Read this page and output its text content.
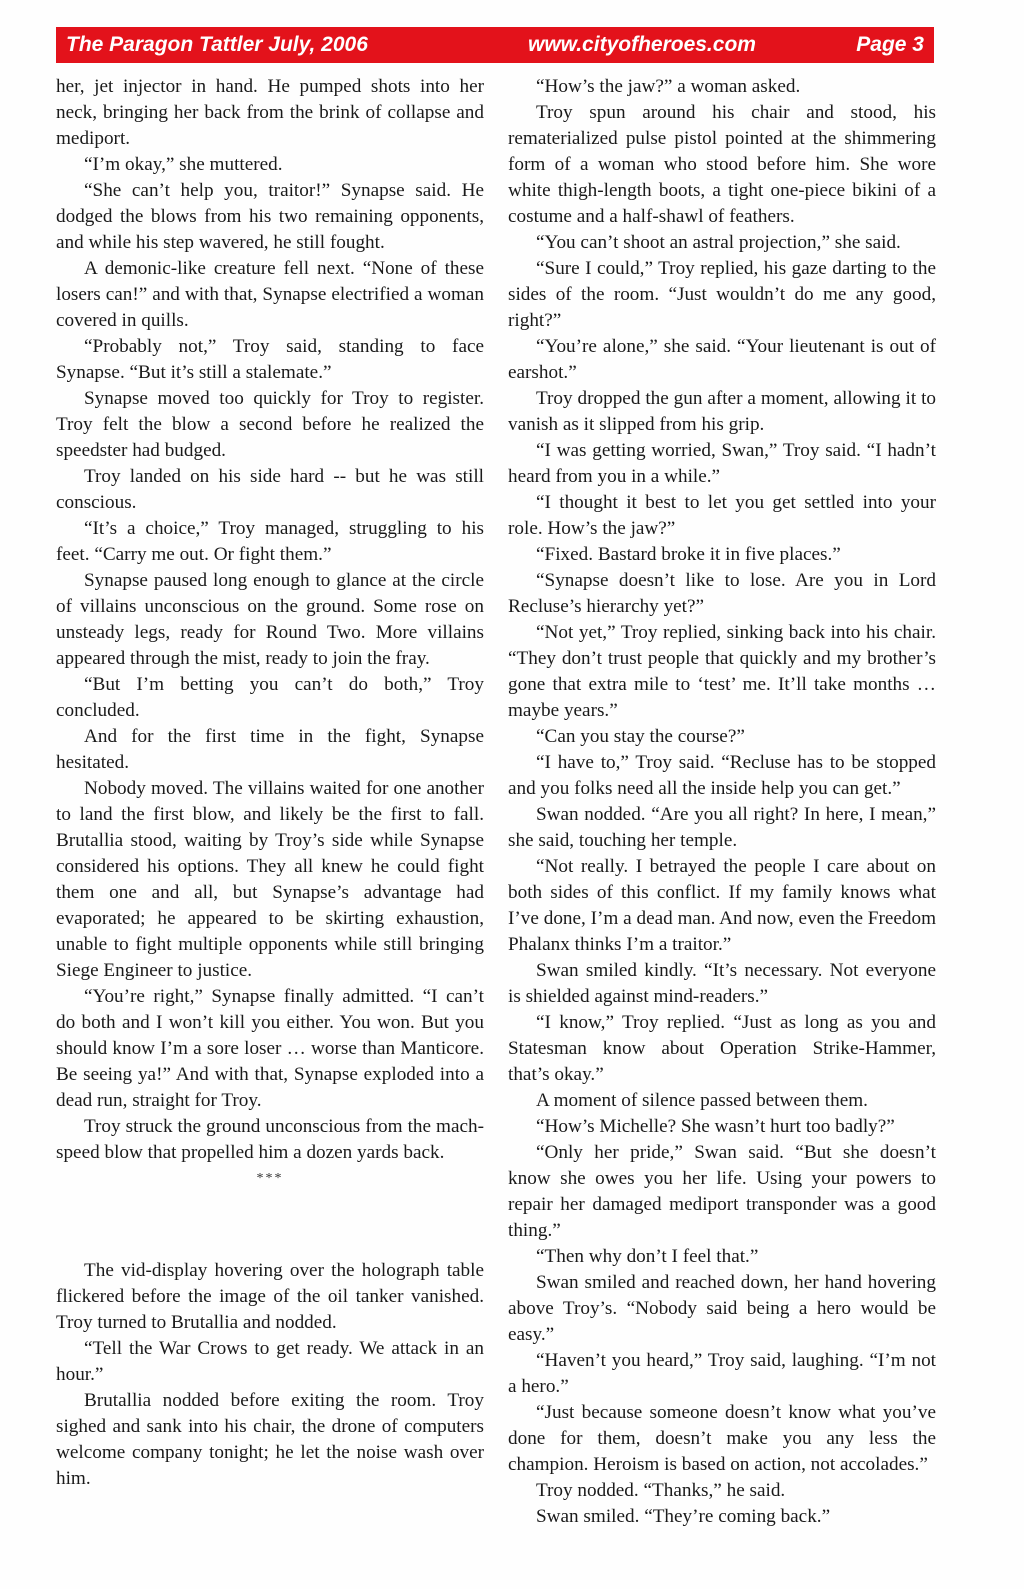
The Paragon Tattler July, 2006	www.cityofheroes.com	Page 3

her, jet injector in hand. He pumped shots into her neck, bringing her back from the brink of collapse and mediport.

“I’m okay,” she muttered.

“She can’t help you, traitor!” Synapse said. He dodged the blows from his two remaining opponents, and while his step wavered, he still fought.

A demonic-like creature fell next. “None of these losers can!” and with that, Synapse electrified a woman covered in quills.

“Probably not,” Troy said, standing to face Synapse. “But it’s still a stalemate.”

Synapse moved too quickly for Troy to register. Troy felt the blow a second before he realized the speedster had budged.

Troy landed on his side hard -- but he was still conscious.

“It’s a choice,” Troy managed, struggling to his feet. “Carry me out. Or fight them.”

Synapse paused long enough to glance at the circle of villains unconscious on the ground. Some rose on unsteady legs, ready for Round Two. More villains appeared through the mist, ready to join the fray.

“But I’m betting you can’t do both,” Troy concluded.

And for the first time in the fight, Synapse hesitated.

Nobody moved. The villains waited for one another to land the first blow, and likely be the first to fall. Brutallia stood, waiting by Troy’s side while Synapse considered his options. They all knew he could fight them one and all, but Synapse’s advantage had evaporated; he appeared to be skirting exhaustion, unable to fight multiple opponents while still bringing Siege Engineer to justice.

“You’re right,” Synapse finally admitted. “I can’t do both and I won’t kill you either. You won. But you should know I’m a sore loser … worse than Manticore. Be seeing ya!” And with that, Synapse exploded into a dead run, straight for Troy.

Troy struck the ground unconscious from the mach-speed blow that propelled him a dozen yards back.

***

The vid-display hovering over the holograph table flickered before the image of the oil tanker vanished. Troy turned to Brutallia and nodded.

“Tell the War Crows to get ready. We attack in an hour.”

Brutallia nodded before exiting the room. Troy sighed and sank into his chair, the drone of computers welcome company tonight; he let the noise wash over him.

“How’s the jaw?” a woman asked.

Troy spun around his chair and stood, his rematerialized pulse pistol pointed at the shimmering form of a woman who stood before him. She wore white thigh-length boots, a tight one-piece bikini of a costume and a half-shawl of feathers.

“You can’t shoot an astral projection,” she said.

“Sure I could,” Troy replied, his gaze darting to the sides of the room. “Just wouldn’t do me any good, right?”

“You’re alone,” she said. “Your lieutenant is out of earshot.”

Troy dropped the gun after a moment, allowing it to vanish as it slipped from his grip.

“I was getting worried, Swan,” Troy said. “I hadn’t heard from you in a while.”

“I thought it best to let you get settled into your role. How’s the jaw?”

“Fixed. Bastard broke it in five places.”

“Synapse doesn’t like to lose. Are you in Lord Recluse’s hierarchy yet?”

“Not yet,” Troy replied, sinking back into his chair. “They don’t trust people that quickly and my brother’s gone that extra mile to ‘test’ me. It’ll take months … maybe years.”

“Can you stay the course?”

“I have to,” Troy said. “Recluse has to be stopped and you folks need all the inside help you can get.”

Swan nodded. “Are you all right? In here, I mean,” she said, touching her temple.

“Not really. I betrayed the people I care about on both sides of this conflict. If my family knows what I’ve done, I’m a dead man. And now, even the Freedom Phalanx thinks I’m a traitor.”

Swan smiled kindly. “It’s necessary. Not everyone is shielded against mind-readers.”

“I know,” Troy replied. “Just as long as you and Statesman know about Operation Strike-Hammer, that’s okay.”

A moment of silence passed between them.

“How’s Michelle? She wasn’t hurt too badly?”

“Only her pride,” Swan said. “But she doesn’t know she owes you her life. Using your powers to repair her damaged mediport transponder was a good thing.”

“Then why don’t I feel that.”

Swan smiled and reached down, her hand hovering above Troy’s. “Nobody said being a hero would be easy.”

“Haven’t you heard,” Troy said, laughing. “I’m not a hero.”

“Just because someone doesn’t know what you’ve done for them, doesn’t make you any less the champion. Heroism is based on action, not accolades.”

Troy nodded. “Thanks,” he said.

Swan smiled. “They’re coming back.”
